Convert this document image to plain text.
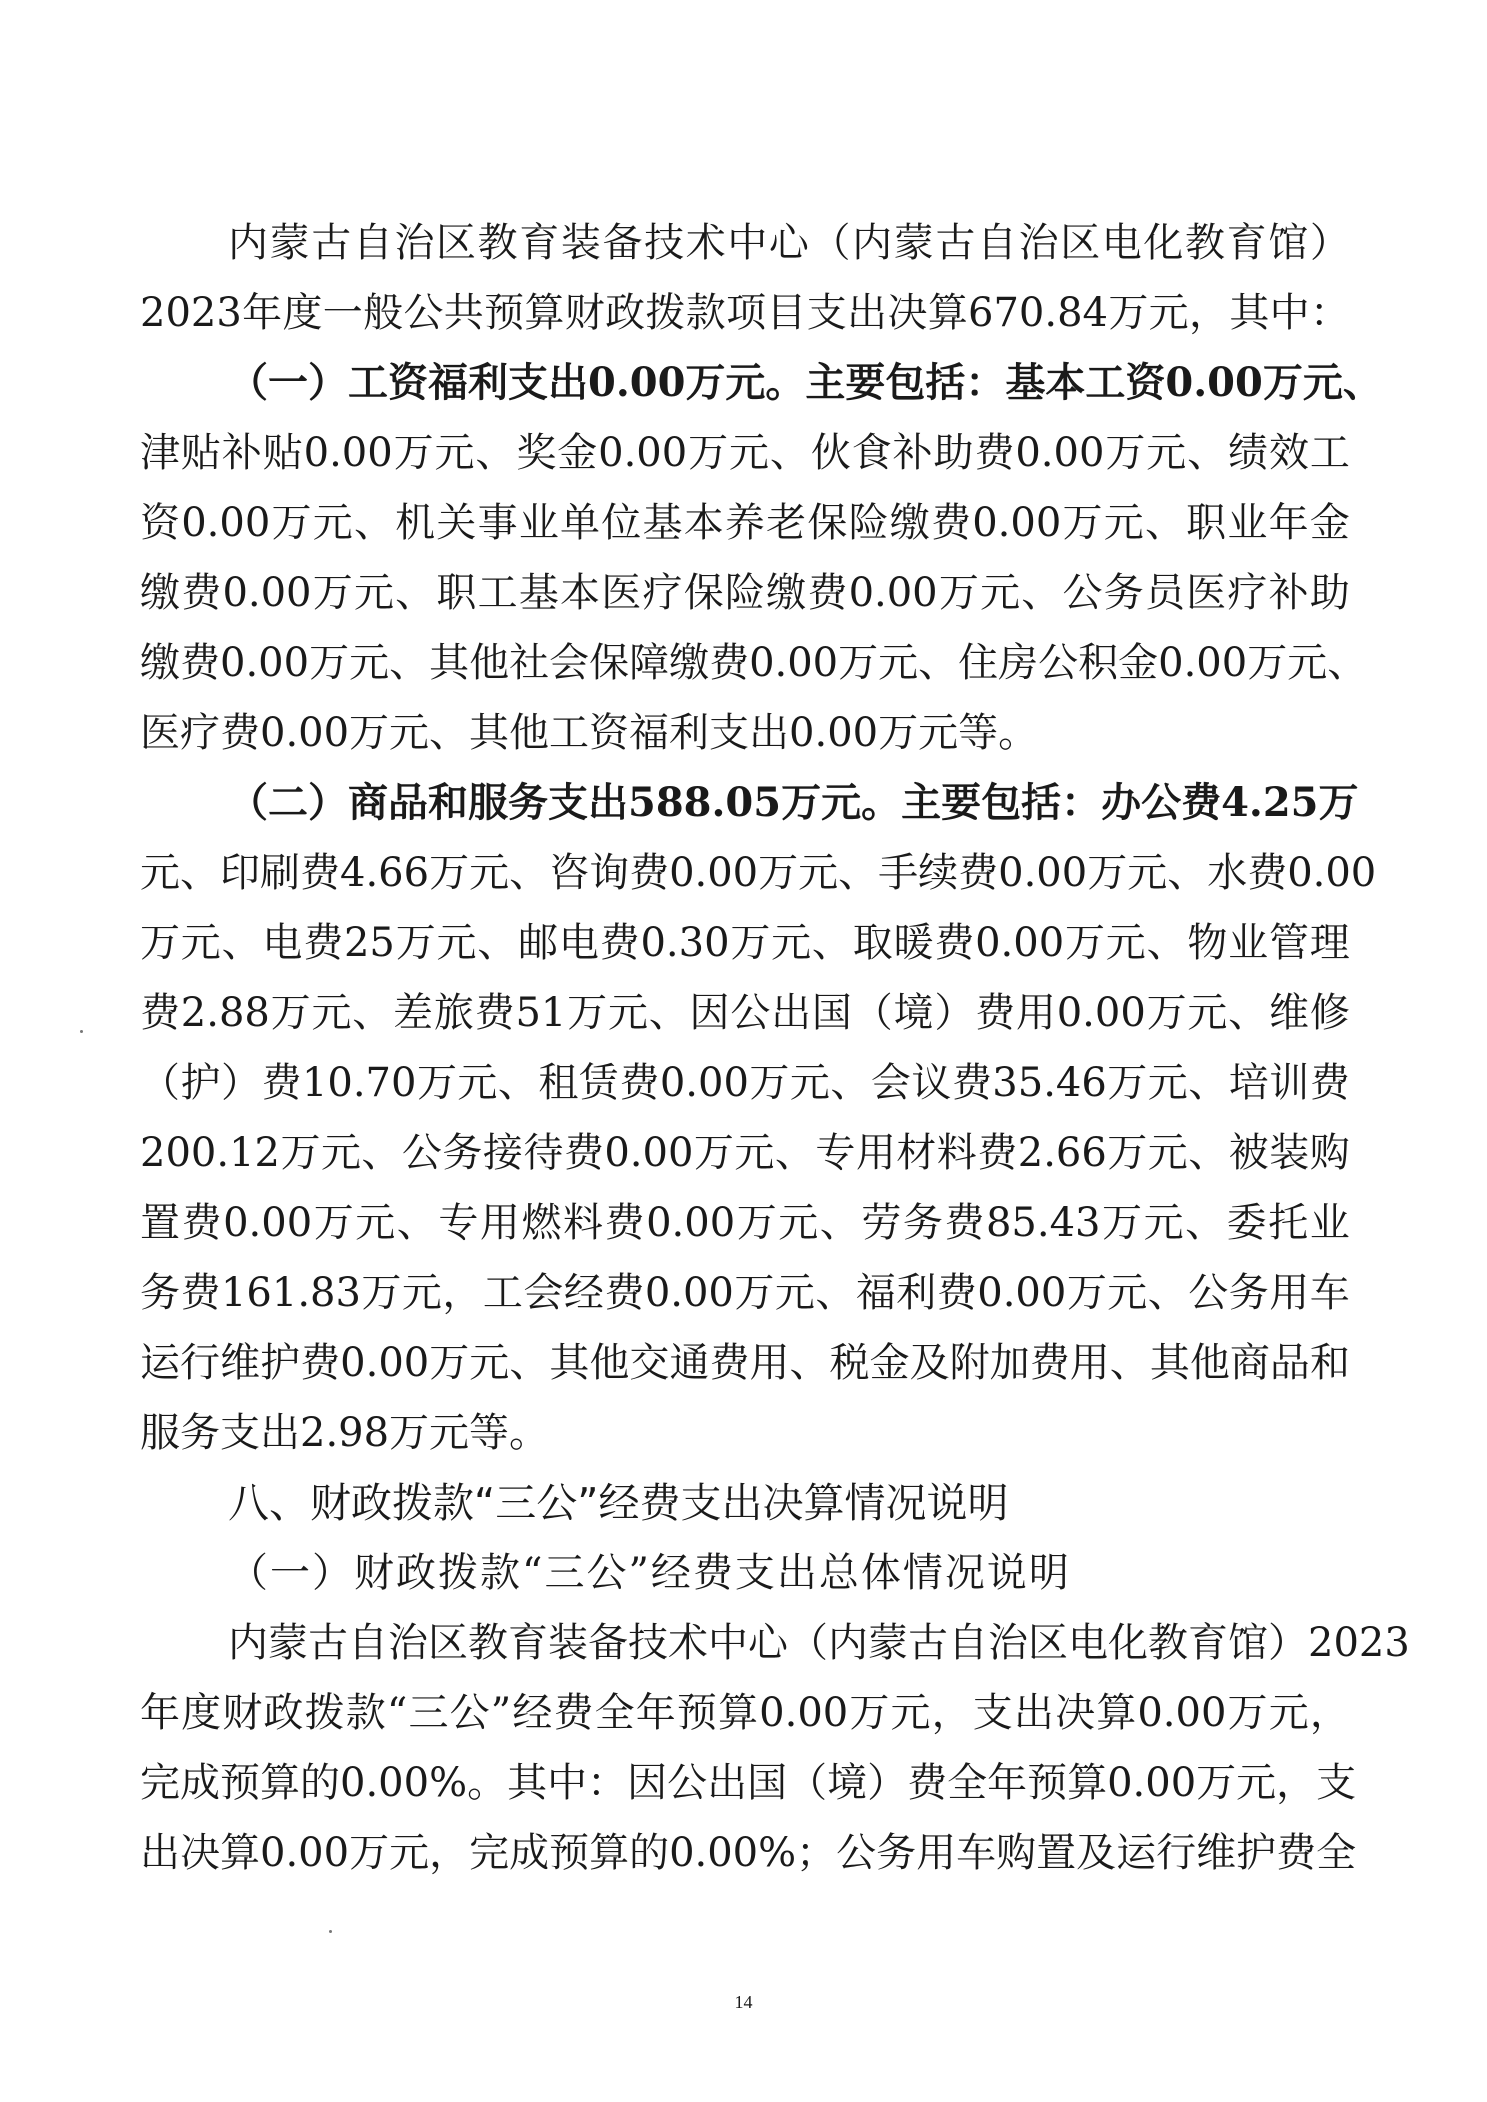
内 蒙 古 自 治 区 教 育 装 备 技 术 中 心 （ 内 蒙 古 自 治 区 电 化 教 育 馆 ）
2023 年 度 一 般 公 共 预 算 财 政 拨 款 项 目 支 出 决 算 670.84 万 元 ， 其 中 ：
（ 一 ） 工 资 福 利 支 出 0.00 万 元 。 主 要 包 括 ： 基 本 工 资 0.00 万 元 、
津 贴 补 贴 0.00 万 元 、 奖 金 0.00 万 元 、 伙 食 补 助 费 0.00 万 元 、 绩 效 工
资 0.00 万 元 、 机 关 事 业 单 位 基 本 养 老 保 险 缴 费 0.00 万 元 、 职 业 年 金
缴 费 0.00 万 元 、 职 工 基 本 医 疗 保 险 缴 费 0.00 万 元 、 公 务 员 医 疗 补 助
缴 费 0.00 万 元 、 其 他 社 会 保 障 缴 费 0.00 万 元 、 住 房 公 积 金 0.00 万 元 、
医疗费0.00万元、其他工资福利支出0.00万元等。
（ 二 ） 商 品 和 服 务 支 出 588.05 万 元 。 主 要 包 括 ： 办 公 费 4.25 万
元 、 印 刷 费 4.66 万 元 、 咨 询 费 0.00 万 元 、 手 续 费 0.00 万 元 、 水 费 0.00
万 元 、 电 费 25 万 元 、 邮 电 费 0.30 万 元 、 取 暖 费 0.00 万 元 、 物 业 管 理
费 2.88 万 元 、 差 旅 费 51 万 元 、 因 公 出 国 （ 境 ） 费 用 0.00 万 元 、 维 修
（ 护 ） 费 10.70 万 元 、 租 赁 费 0.00 万 元 、 会 议 费 35.46 万 元 、 培 训 费
200.12 万 元 、 公 务 接 待 费 0.00 万 元 、 专 用 材 料 费 2.66 万 元 、 被 装 购
置 费 0.00 万 元 、 专 用 燃 料 费 0.00 万 元 、 劳 务 费 85.43 万 元 、 委 托 业
务 费 161.83 万 元 ， 工 会 经 费 0.00 万 元 、 福 利 费 0.00 万 元 、 公 务 用 车
运 行 维 护 费 0.00 万 元 、 其 他 交 通 费 用 、 税 金 及 附 加 费 用 、 其 他 商 品 和
服务支出2.98万元等。
八、财政拨款“三公”经费支出决算情况说明
（一）财政拨款“三公”经费支出总体情况说明
内 蒙 古 自 治 区 教 育 装 备 技 术 中 心 （ 内 蒙 古 自 治 区 电 化 教 育 馆 ） 2023
年 度 财 政 拨 款 “ 三 公 ” 经 费 全 年 预 算 0.00 万 元 ， 支 出 决 算 0.00 万 元 ，
完 成 预 算 的 0.00% 。 其 中 ： 因 公 出 国 （ 境 ） 费 全 年 预 算 0.00 万 元 ， 支
出 决 算 0.00 万 元 ， 完 成 预 算 的 0.00% ； 公 务 用 车 购 置 及 运 行 维 护 费 全
14
